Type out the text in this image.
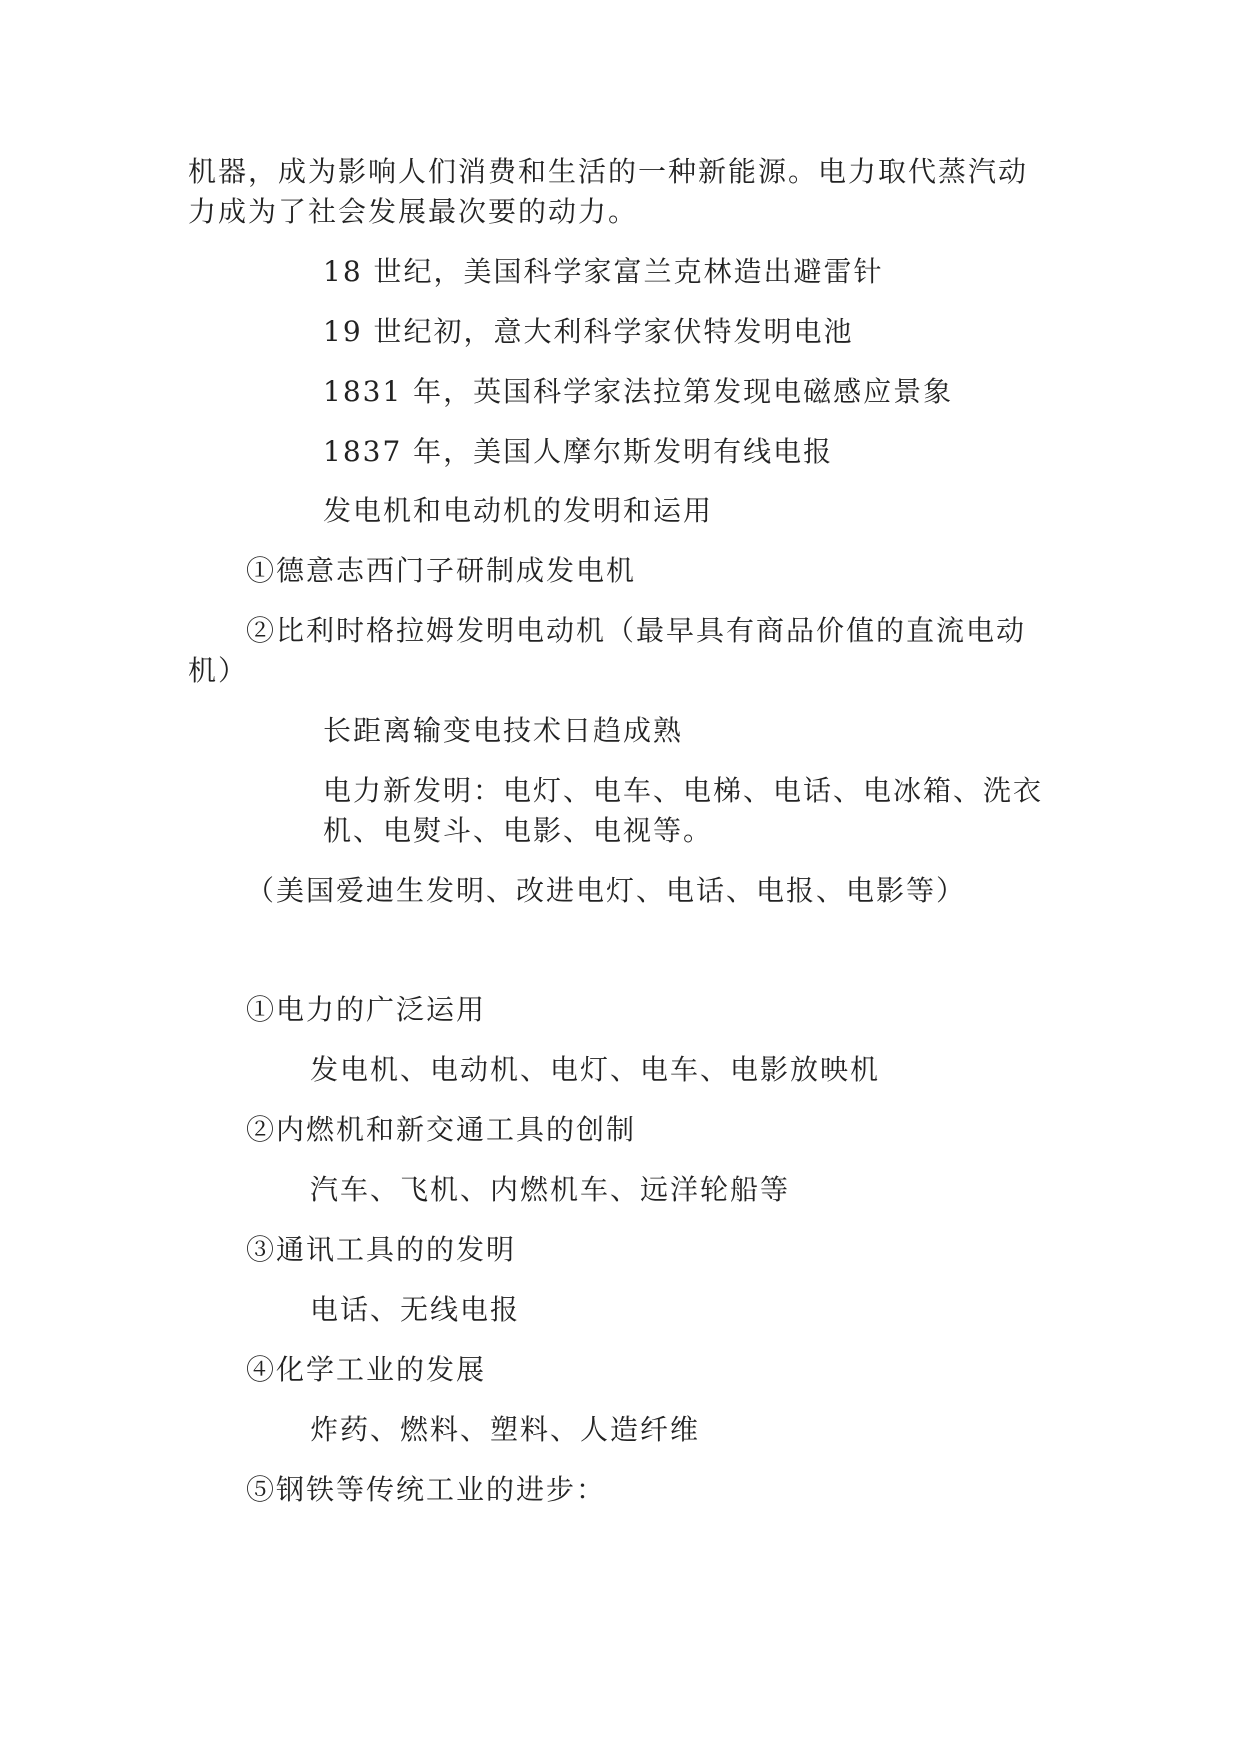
机器，成为影响人们消费和生活的一种新能源。电力取代蒸汽动
力成为了社会发展最次要的动力。
18 世纪，美国科学家富兰克林造出避雷针
19 世纪初，意大利科学家伏特发明电池
1831 年，英国科学家法拉第发现电磁感应景象
1837 年，美国人摩尔斯发明有线电报
发电机和电动机的发明和运用
①德意志西门子研制成发电机
②比利时格拉姆发明电动机（最早具有商品价值的直流电动
机）
长距离输变电技术日趋成熟
电力新发明：电灯、电车、电梯、电话、电冰箱、洗衣
机、电熨斗、电影、电视等。
（美国爱迪生发明、改进电灯、电话、电报、电影等）
①电力的广泛运用
发电机、电动机、电灯、电车、电影放映机
②内燃机和新交通工具的创制
汽车、飞机、内燃机车、远洋轮船等
③通讯工具的的发明
电话、无线电报
④化学工业的发展
炸药、燃料、塑料、人造纤维
⑤钢铁等传统工业的进步：
